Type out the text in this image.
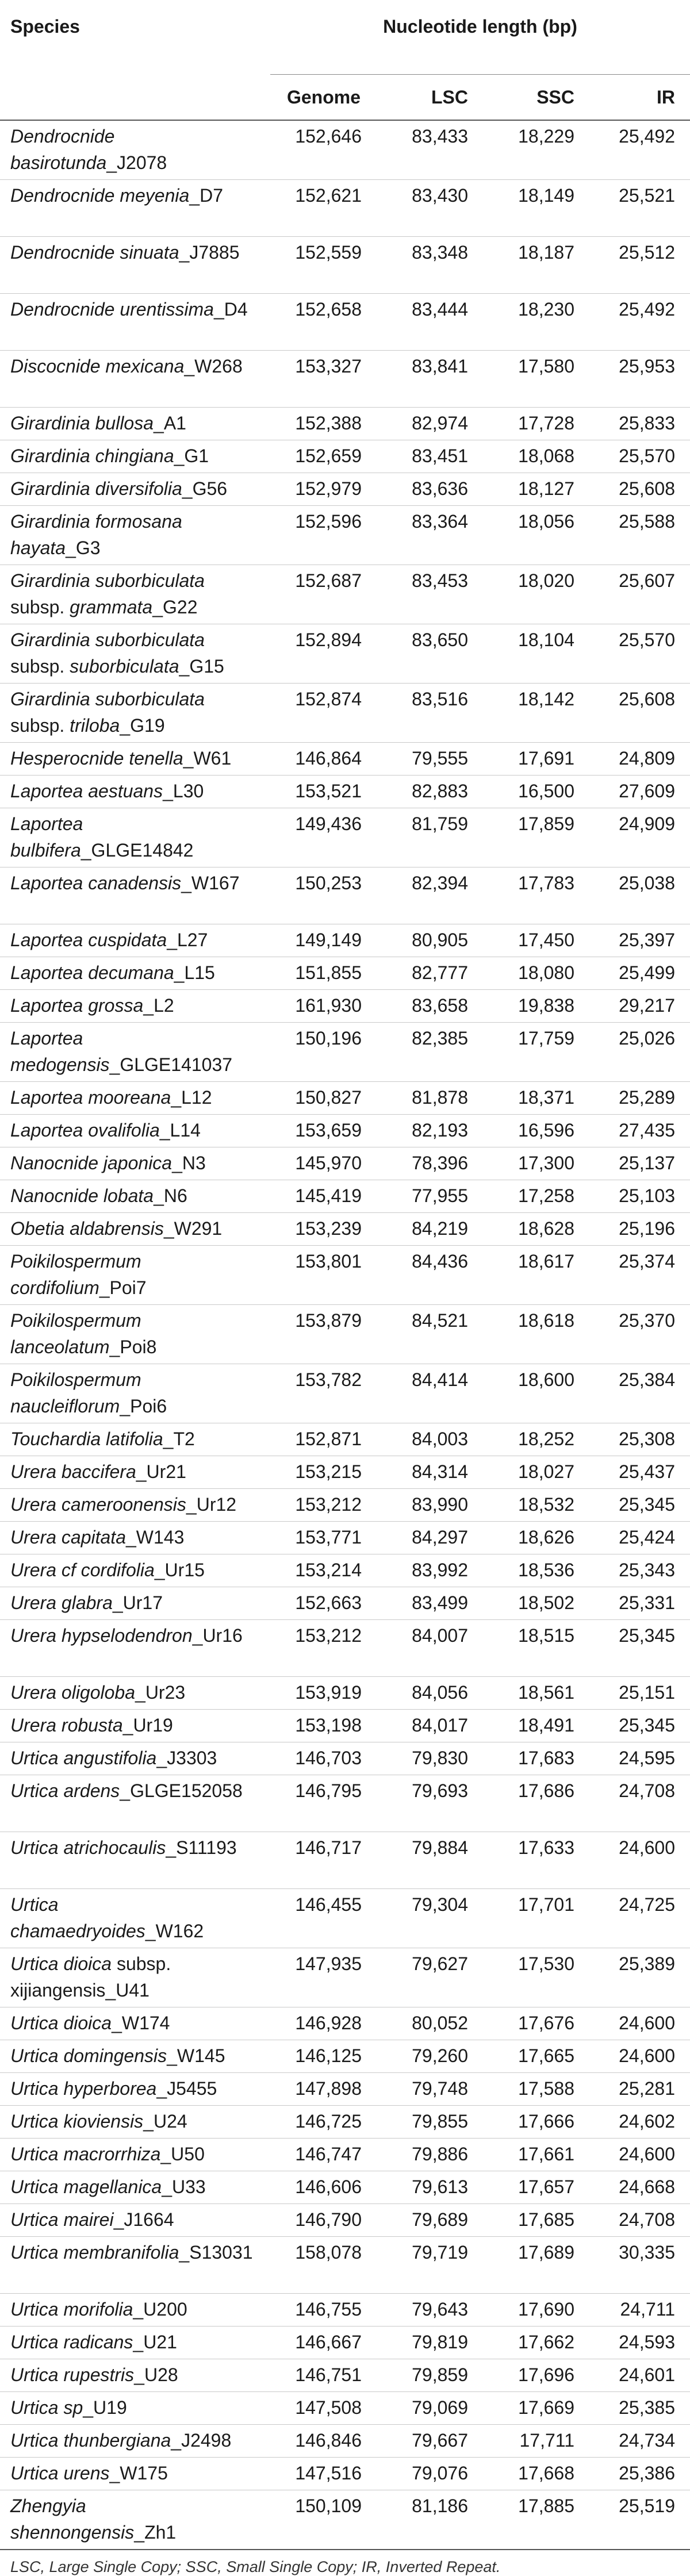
Species	Nucleotide length (bp)			
	Genome	LSC	SSC	IR
Dendrocnide basirotunda_J2078	152,646	83,433	18,229	25,492
Dendrocnide meyenia_D7	152,621	83,430	18,149	25,521
Dendrocnide sinuata_J7885	152,559	83,348	18,187	25,512
Dendrocnide urentissima_D4	152,658	83,444	18,230	25,492
Discocnide mexicana_W268	153,327	83,841	17,580	25,953
Girardinia bullosa_A1	152,388	82,974	17,728	25,833
Girardinia chingiana_G1	152,659	83,451	18,068	25,570
Girardinia diversifolia_G56	152,979	83,636	18,127	25,608
Girardinia formosana hayata_G3	152,596	83,364	18,056	25,588
Girardinia suborbiculata subsp. grammata_G22	152,687	83,453	18,020	25,607
Girardinia suborbiculata subsp. suborbiculata_G15	152,894	83,650	18,104	25,570
Girardinia suborbiculata subsp. triloba_G19	152,874	83,516	18,142	25,608
Hesperocnide tenella_W61	146,864	79,555	17,691	24,809
Laportea aestuans_L30	153,521	82,883	16,500	27,609
Laportea bulbifera_GLGE14842	149,436	81,759	17,859	24,909
Laportea canadensis_W167	150,253	82,394	17,783	25,038
Laportea cuspidata_L27	149,149	80,905	17,450	25,397
Laportea decumana_L15	151,855	82,777	18,080	25,499
Laportea grossa_L2	161,930	83,658	19,838	29,217
Laportea medogensis_GLGE141037	150,196	82,385	17,759	25,026
Laportea mooreana_L12	150,827	81,878	18,371	25,289
Laportea ovalifolia_L14	153,659	82,193	16,596	27,435
Nanocnide japonica_N3	145,970	78,396	17,300	25,137
Nanocnide lobata_N6	145,419	77,955	17,258	25,103
Obetia aldabrensis_W291	153,239	84,219	18,628	25,196
Poikilospermum cordifolium_Poi7	153,801	84,436	18,617	25,374
Poikilospermum lanceolatum_Poi8	153,879	84,521	18,618	25,370
Poikilospermum naucleiflorum_Poi6	153,782	84,414	18,600	25,384
Touchardia latifolia_T2	152,871	84,003	18,252	25,308
Urera baccifera_Ur21	153,215	84,314	18,027	25,437
Urera cameroonensis_Ur12	153,212	83,990	18,532	25,345
Urera capitata_W143	153,771	84,297	18,626	25,424
Urera cf cordifolia_Ur15	153,214	83,992	18,536	25,343
Urera glabra_Ur17	152,663	83,499	18,502	25,331
Urera hypselodendron_Ur16	153,212	84,007	18,515	25,345
Urera oligoloba_Ur23	153,919	84,056	18,561	25,151
Urera robusta_Ur19	153,198	84,017	18,491	25,345
Urtica angustifolia_J3303	146,703	79,830	17,683	24,595
Urtica ardens_GLGE152058	146,795	79,693	17,686	24,708
Urtica atrichocaulis_S11193	146,717	79,884	17,633	24,600
Urtica chamaedryoides_W162	146,455	79,304	17,701	24,725
Urtica dioica subsp. xijiangensis_U41	147,935	79,627	17,530	25,389
Urtica dioica_W174	146,928	80,052	17,676	24,600
Urtica domingensis_W145	146,125	79,260	17,665	24,600
Urtica hyperborea_J5455	147,898	79,748	17,588	25,281
Urtica kioviensis_U24	146,725	79,855	17,666	24,602
Urtica macrorrhiza_U50	146,747	79,886	17,661	24,600
Urtica magellanica_U33	146,606	79,613	17,657	24,668
Urtica mairei_J1664	146,790	79,689	17,685	24,708
Urtica membranifolia_S13031	158,078	79,719	17,689	30,335
Urtica morifolia_U200	146,755	79,643	17,690	24,711
Urtica radicans_U21	146,667	79,819	17,662	24,593
Urtica rupestris_U28	146,751	79,859	17,696	24,601
Urtica sp_U19	147,508	79,069	17,669	25,385
Urtica thunbergiana_J2498	146,846	79,667	17,711	24,734
Urtica urens_W175	147,516	79,076	17,668	25,386
Zhengyia shennongensis_Zh1	150,109	81,186	17,885	25,519
LSC, Large Single Copy; SSC, Small Single Copy; IR, Inverted Repeat.
